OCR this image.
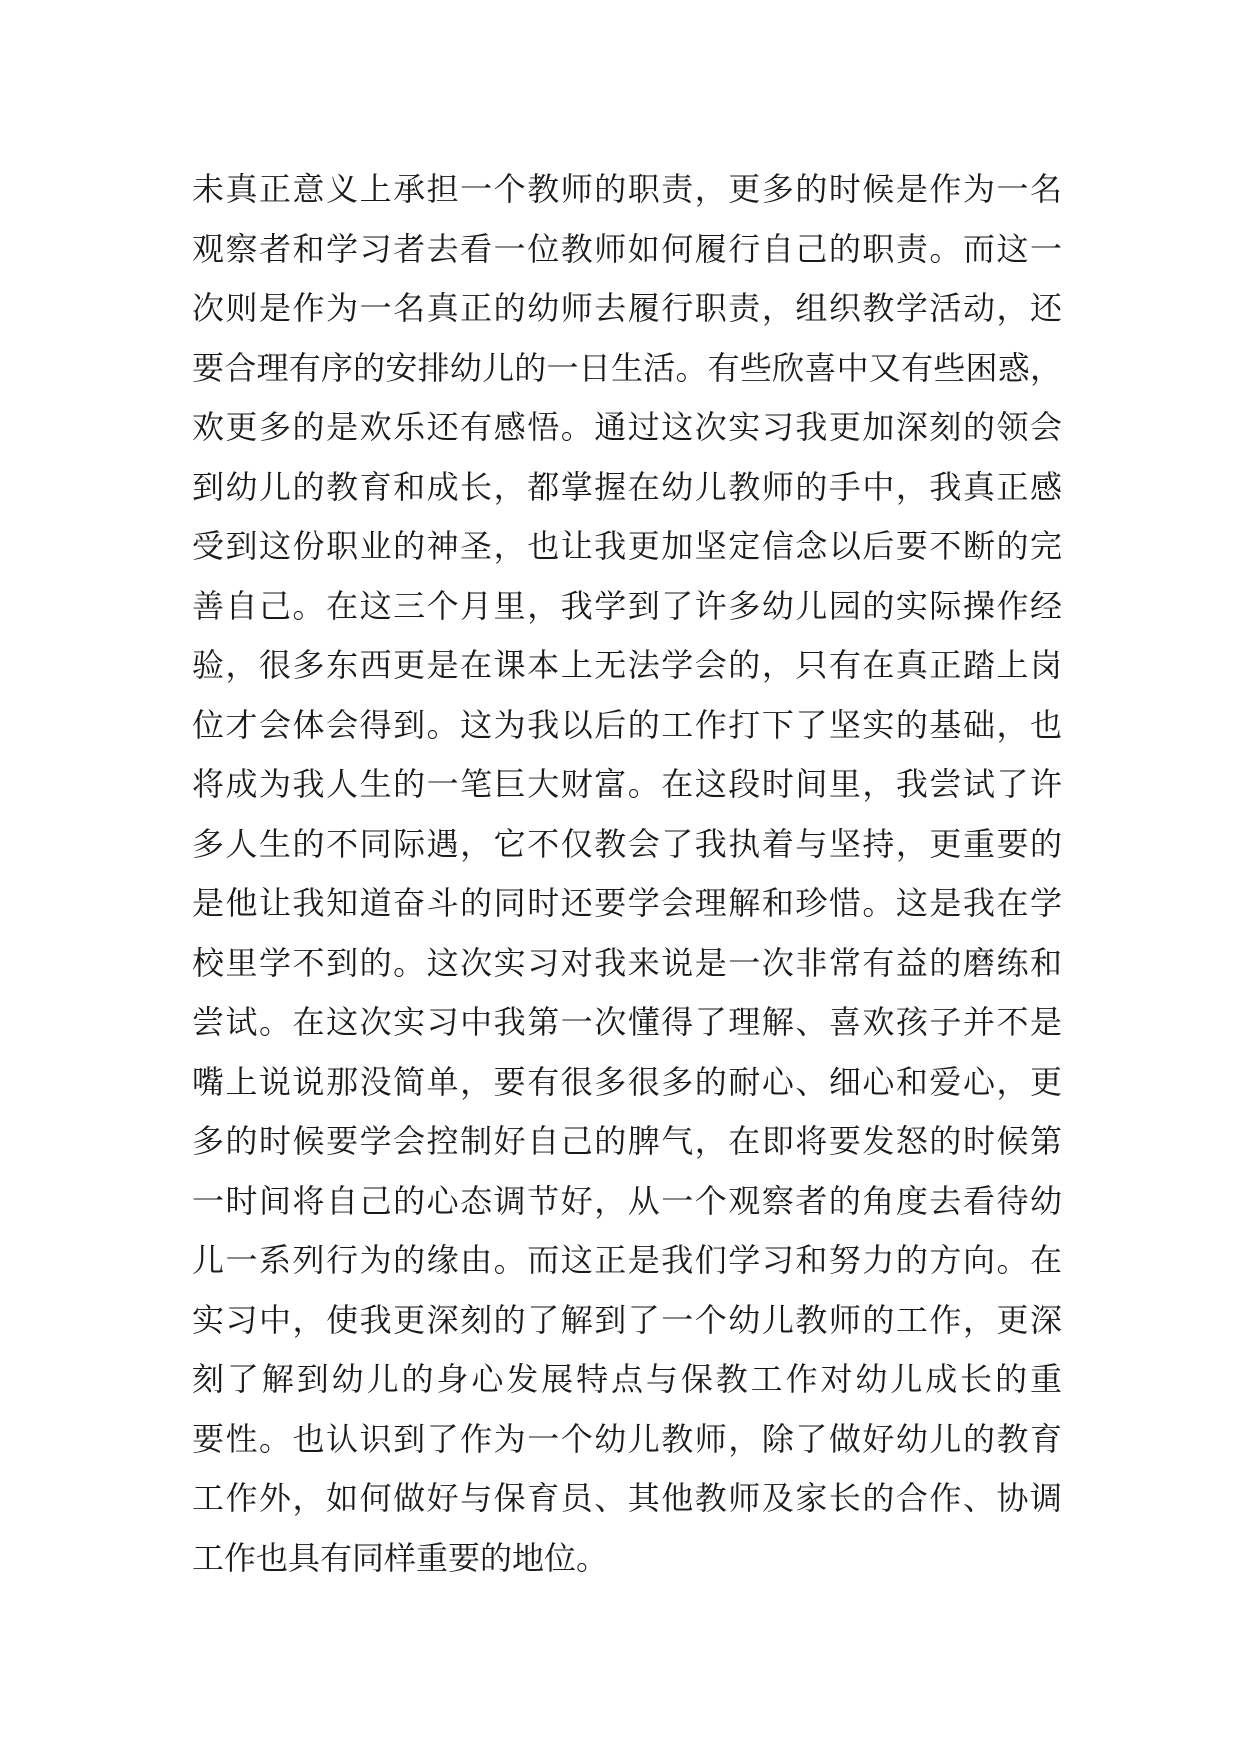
未真正意义上承担一个教师的职责，更多的时候是作为一名
观察者和学习者去看一位教师如何履行自己的职责。而这一
次则是作为一名真正的幼师去履行职责，组织教学活动，还
要合理有序的安排幼儿的一日生活。有些欣喜中又有些困惑，
欢更多的是欢乐还有感悟。通过这次实习我更加深刻的领会
到幼儿的教育和成长，都掌握在幼儿教师的手中，我真正感
受到这份职业的神圣，也让我更加坚定信念以后要不断的完
善自己。在这三个月里，我学到了许多幼儿园的实际操作经
验，很多东西更是在课本上无法学会的，只有在真正踏上岗
位才会体会得到。这为我以后的工作打下了坚实的基础，也
将成为我人生的一笔巨大财富。在这段时间里，我尝试了许
多人生的不同际遇，它不仅教会了我执着与坚持，更重要的
是他让我知道奋斗的同时还要学会理解和珍惜。这是我在学
校里学不到的。这次实习对我来说是一次非常有益的磨练和
尝试。在这次实习中我第一次懂得了理解、喜欢孩子并不是
嘴上说说那没简单，要有很多很多的耐心、细心和爱心，更
多的时候要学会控制好自己的脾气，在即将要发怒的时候第
一时间将自己的心态调节好，从一个观察者的角度去看待幼
儿一系列行为的缘由。而这正是我们学习和努力的方向。在
实习中，使我更深刻的了解到了一个幼儿教师的工作，更深
刻了解到幼儿的身心发展特点与保教工作对幼儿成长的重
要性。也认识到了作为一个幼儿教师，除了做好幼儿的教育
工作外，如何做好与保育员、其他教师及家长的合作、协调
工作也具有同样重要的地位。
